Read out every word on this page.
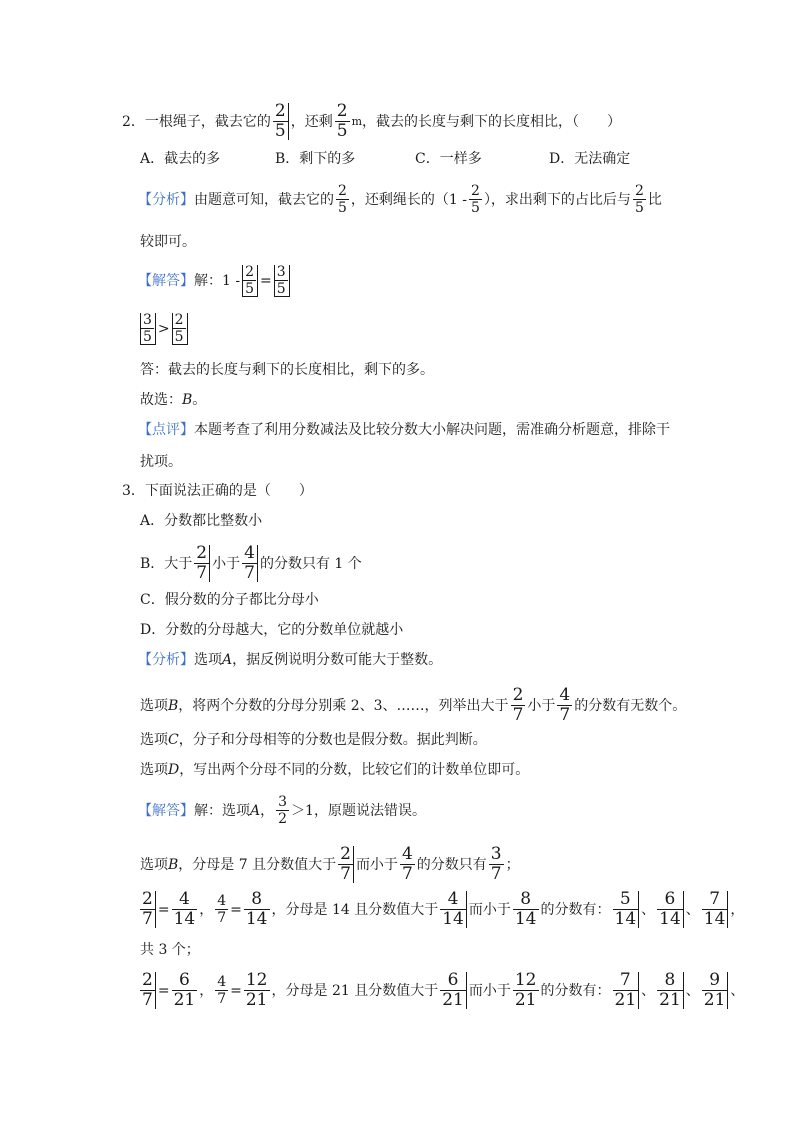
2．一根绳子，截去它的 $\frac{2}{5}$ ，还剩 $\frac{2}{5}$ m ，截去的长度与剩下的长度相比，（　　）
A．截去的多	B．剩下的多	C．一样多	D．无法确定
【分析】 由题意可知，截去它的 $\frac{2}{5}$ ，还剩绳长的（$1 - \frac{2}{5}$ ），求出剩下的占比后与 $\frac{2}{5}$ 比
较即可。
【解答】 解：$1 - \frac{2}{5} = \frac{3}{5}$
$\frac{3}{5} > \frac{2}{5}$
答：截去的长度与剩下的长度相比，剩下的多。
故选： B 。
【点评】 本题考查了利用分数减法及比较分数大小解决问题，需准确分析题意，排除干
扰项。
3．下面说法正确的是（　　）
A．分数都比整数小
B．大于 $\frac{2}{7}$ 小于 $\frac{4}{7}$ 的分数只有 1 个
C．假分数的分子都比分母小
D．分数的分母越大，它的分数单位就越小
【分析】 选项 A ，据反例说明分数可能大于整数。
选项 B ，将两个分数的分母分别乘 2、3、……，列举出大于 $\frac{2}{7}$ 小于 $\frac{4}{7}$ 的分数有无数个。
选项 C ，分子和分母相等的分数也是假分数。据此判断。
选项 D ，写出两个分母不同的分数，比较它们的计数单位即可。
【解答】 解：选项 A ， $\frac{3}{2} >1$，原题说法错误。
选项 B ，分母是 7 且分数值大于 $\frac{2}{7}$ 而小于 $\frac{4}{7}$ 的分数只有 $\frac{3}{7}$ ；
$\frac{2}{7} = \frac{4}{14}$ ， $\frac{4}{7} = \frac{8}{14}$ ，分母是 14 且分数值大于 $\frac{4}{14}$ 而小于 $\frac{8}{14}$ 的分数有： $\frac{5}{14}$ 、 $\frac{6}{14}$ 、 $\frac{7}{14}$ ，
共 3 个；
$\frac{2}{7} = \frac{6}{21}$ ， $\frac{4}{7} = \frac{12}{21}$ ，分母是 21 且分数值大于 $\frac{6}{21}$ 而小于 $\frac{12}{21}$ 的分数有： $\frac{7}{21}$ 、 $\frac{8}{21}$ 、 $\frac{9}{21}$ 、
